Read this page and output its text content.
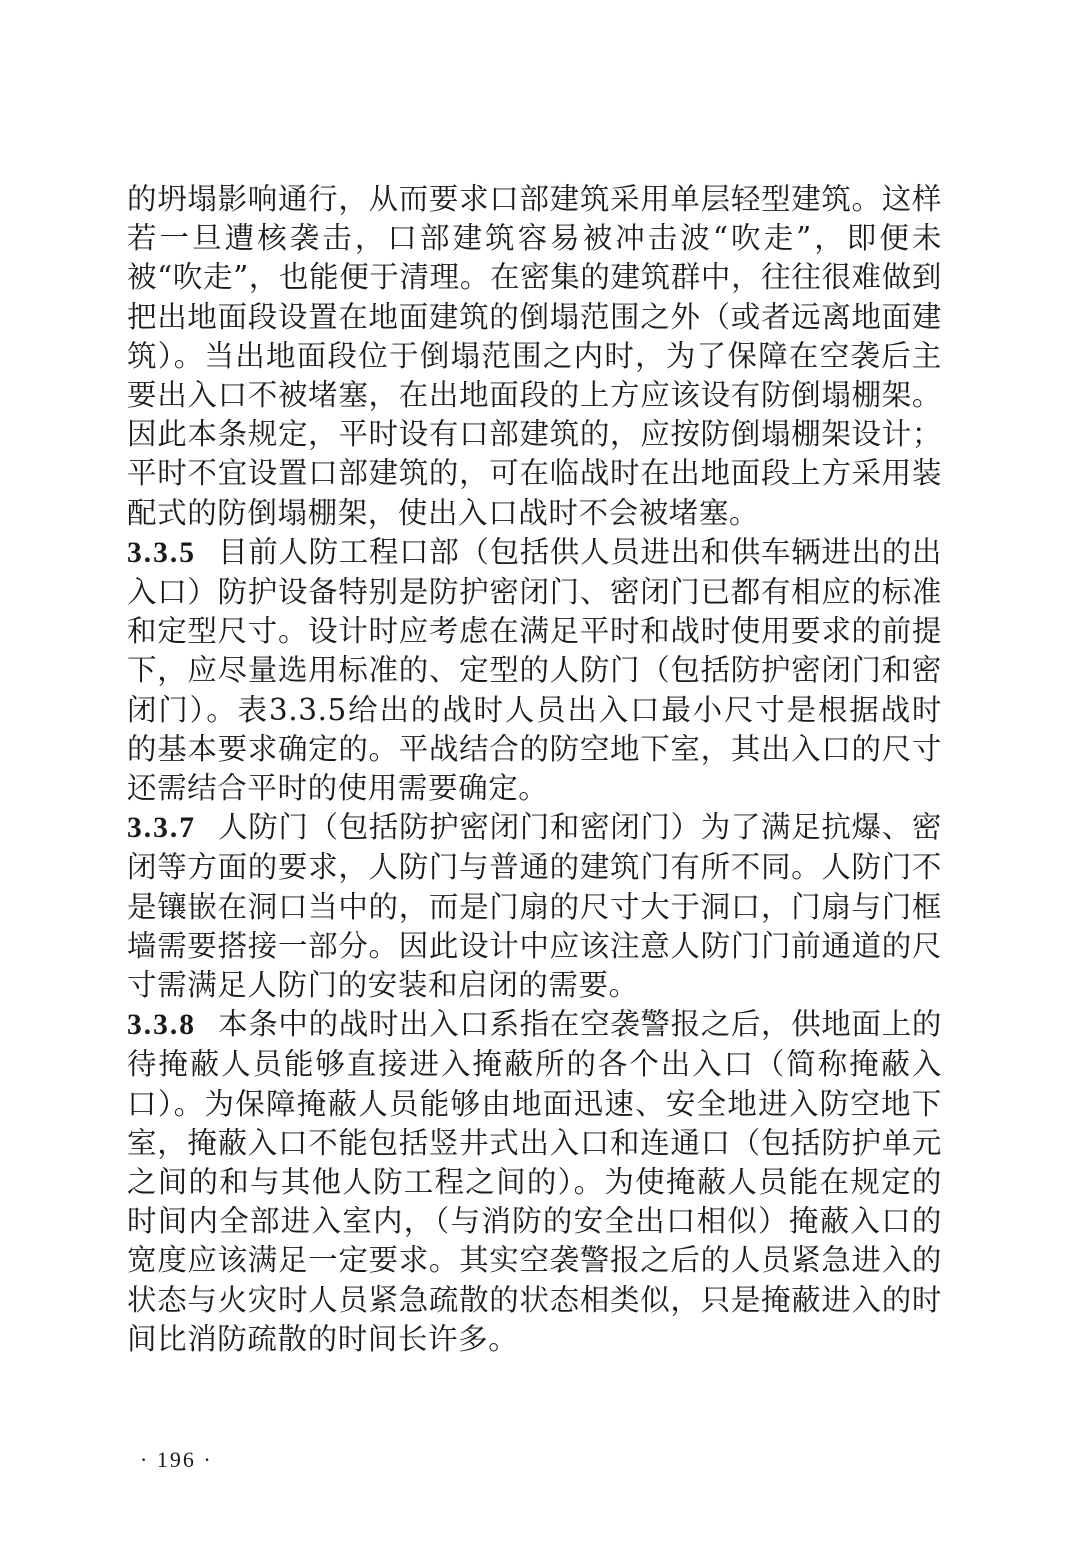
的坍塌影响通行，从而要求口部建筑采用单层轻型建筑。这样若一旦遭核袭击，口部建筑容易被冲击波“吹走”，即便未被“吹走”，也能便于清理。在密集的建筑群中，往往很难做到把出地面段设置在地面建筑的倒塌范围之外（或者远离地面建筑）。当出地面段位于倒塌范围之内时，为了保障在空袭后主要出入口不被堵塞，在出地面段的上方应该设有防倒塌棚架。因此本条规定，平时设有口部建筑的，应按防倒塌棚架设计；平时不宜设置口部建筑的，可在临战时在出地面段上方采用装配式的防倒塌棚架，使出入口战时不会被堵塞。

3.3.5 目前人防工程口部（包括供人员进出和供车辆进出的出入口）防护设备特别是防护密闭门、密闭门已都有相应的标准和定型尺寸。设计时应考虑在满足平时和战时使用要求的前提下，应尽量选用标准的、定型的人防门（包括防护密闭门和密闭门）。表3.3.5给出的战时人员出入口最小尺寸是根据战时的基本要求确定的。平战结合的防空地下室，其出入口的尺寸还需结合平时的使用需要确定。

3.3.7 人防门（包括防护密闭门和密闭门）为了满足抗爆、密闭等方面的要求，人防门与普通的建筑门有所不同。人防门不是镶嵌在洞口当中的，而是门扇的尺寸大于洞口，门扇与门框墙需要搭接一部分。因此设计中应该注意人防门门前通道的尺寸需满足人防门的安装和启闭的需要。

3.3.8 本条中的战时出入口系指在空袭警报之后，供地面上的待掩蔽人员能够直接进入掩蔽所的各个出入口（简称掩蔽入口）。为保障掩蔽人员能够由地面迅速、安全地进入防空地下室，掩蔽入口不能包括竖井式出入口和连通口（包括防护单元之间的和与其他人防工程之间的）。为使掩蔽人员能在规定的时间内全部进入室内，（与消防的安全出口相似）掩蔽入口的宽度应该满足一定要求。其实空袭警报之后的人员紧急进入的状态与火灾时人员紧急疏散的状态相类似，只是掩蔽进入的时间比消防疏散的时间长许多。

· 196 ·
